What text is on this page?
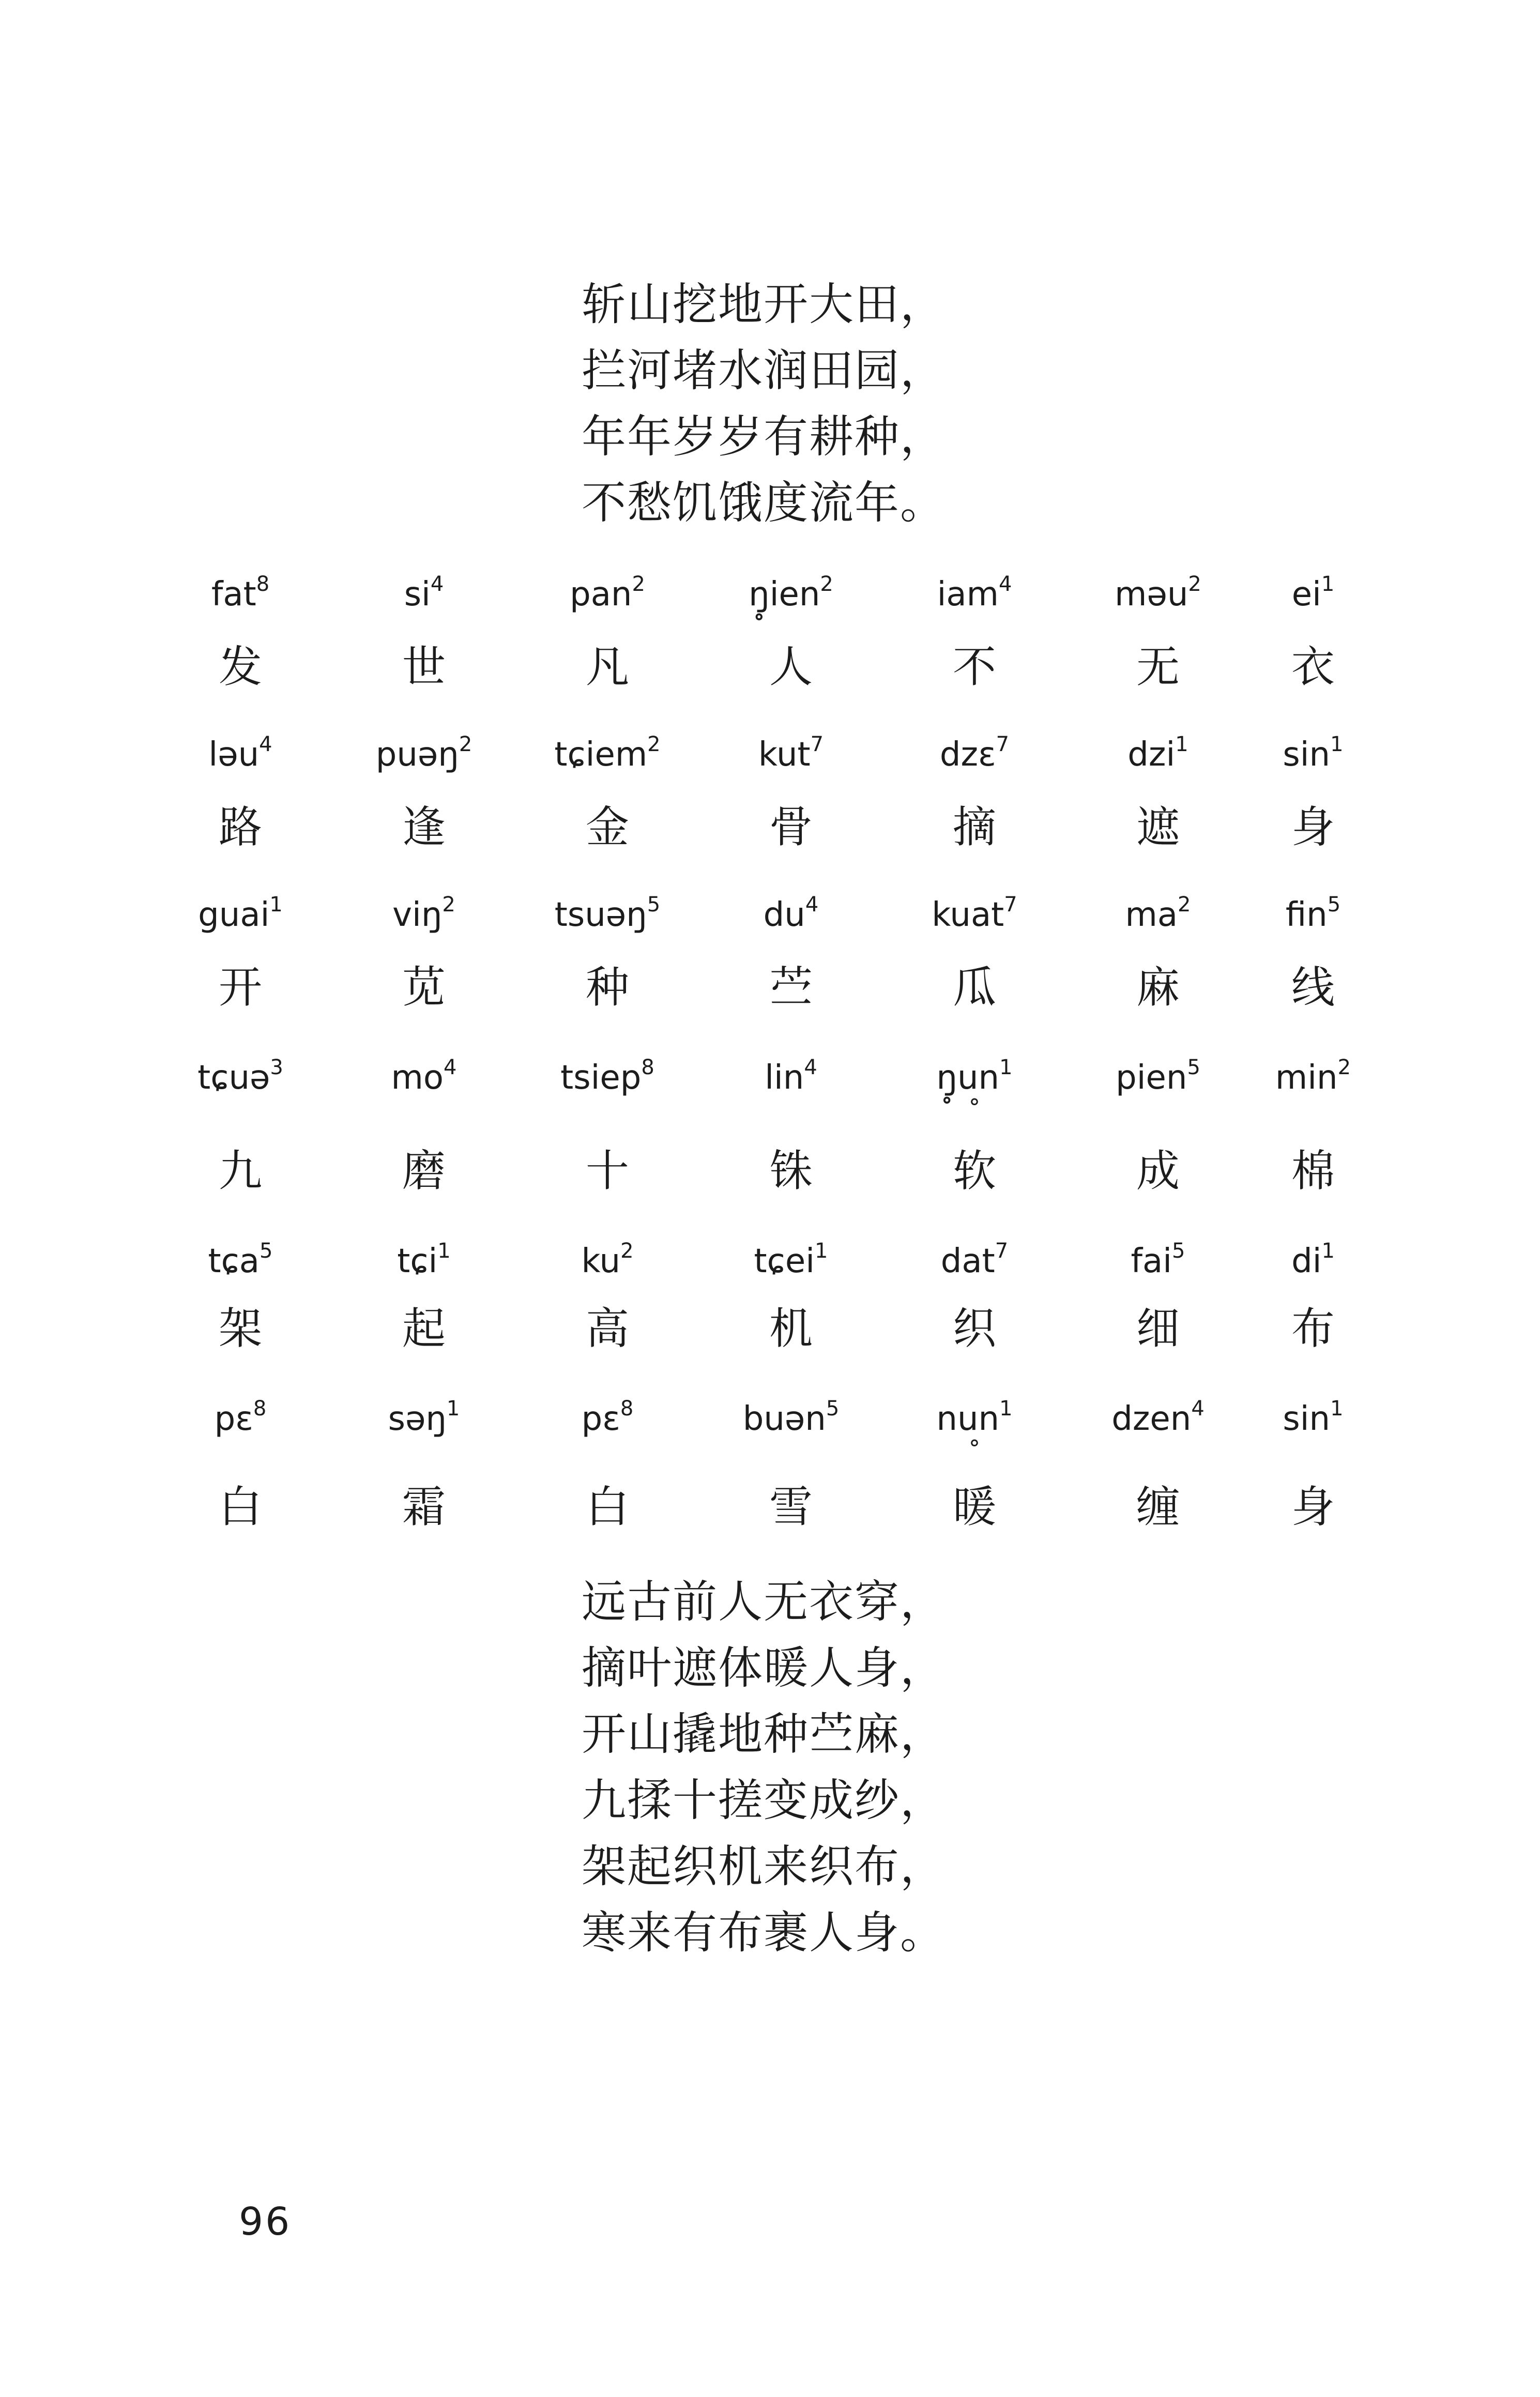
斩山挖地开大田，
拦河堵水润田园，
年年岁岁有耕种，
不愁饥饿度流年。
fat$^8$
发
$si^4$
世
pan$^2$
凡
ŋ̥ien$^2$
人
iam$^4$
不
məu$^2$
无
$ei^1$
衣
ləu$^4$
路
puəŋ$^2$
逢
tɕiem$^2$
金
kut$^7$
骨
dzɛ$^7$
摘
dzi$^1$
遮
$\sin^1$
身
guai$^1$
开
viŋ$^2$
苋
tsuəŋ$^5$
种
$du^4$
苎
kuat$^7$
瓜
$ma^2$
麻
fin$^5$
线
tɕuə$^3$
九
$mo^4$
磨
tsiep$^8$
十
lin$^4$
铢
$ŋ̥un^1$
°
软
pien$^5$
成
$\min^2$
棉
tɕa$^5$
架
tɕi$^1$
起
$ku^2$
高
tɕei$^1$
机
dat$^7$
织
fai$^5$
细
$di^1$
布
pɛ$^8$
白
səŋ$^1$
霜
pɛ$^8$
白
buən$^5$
雪
nun$^1$
°
暖
dzen$^4$
缠
$\sin^1$
身
远古前人无衣穿，
摘叶遮体暖人身，
开山撬地种苎麻，
九揉十搓变成纱，
架起织机来织布，
寒来有布裹人身。
96
